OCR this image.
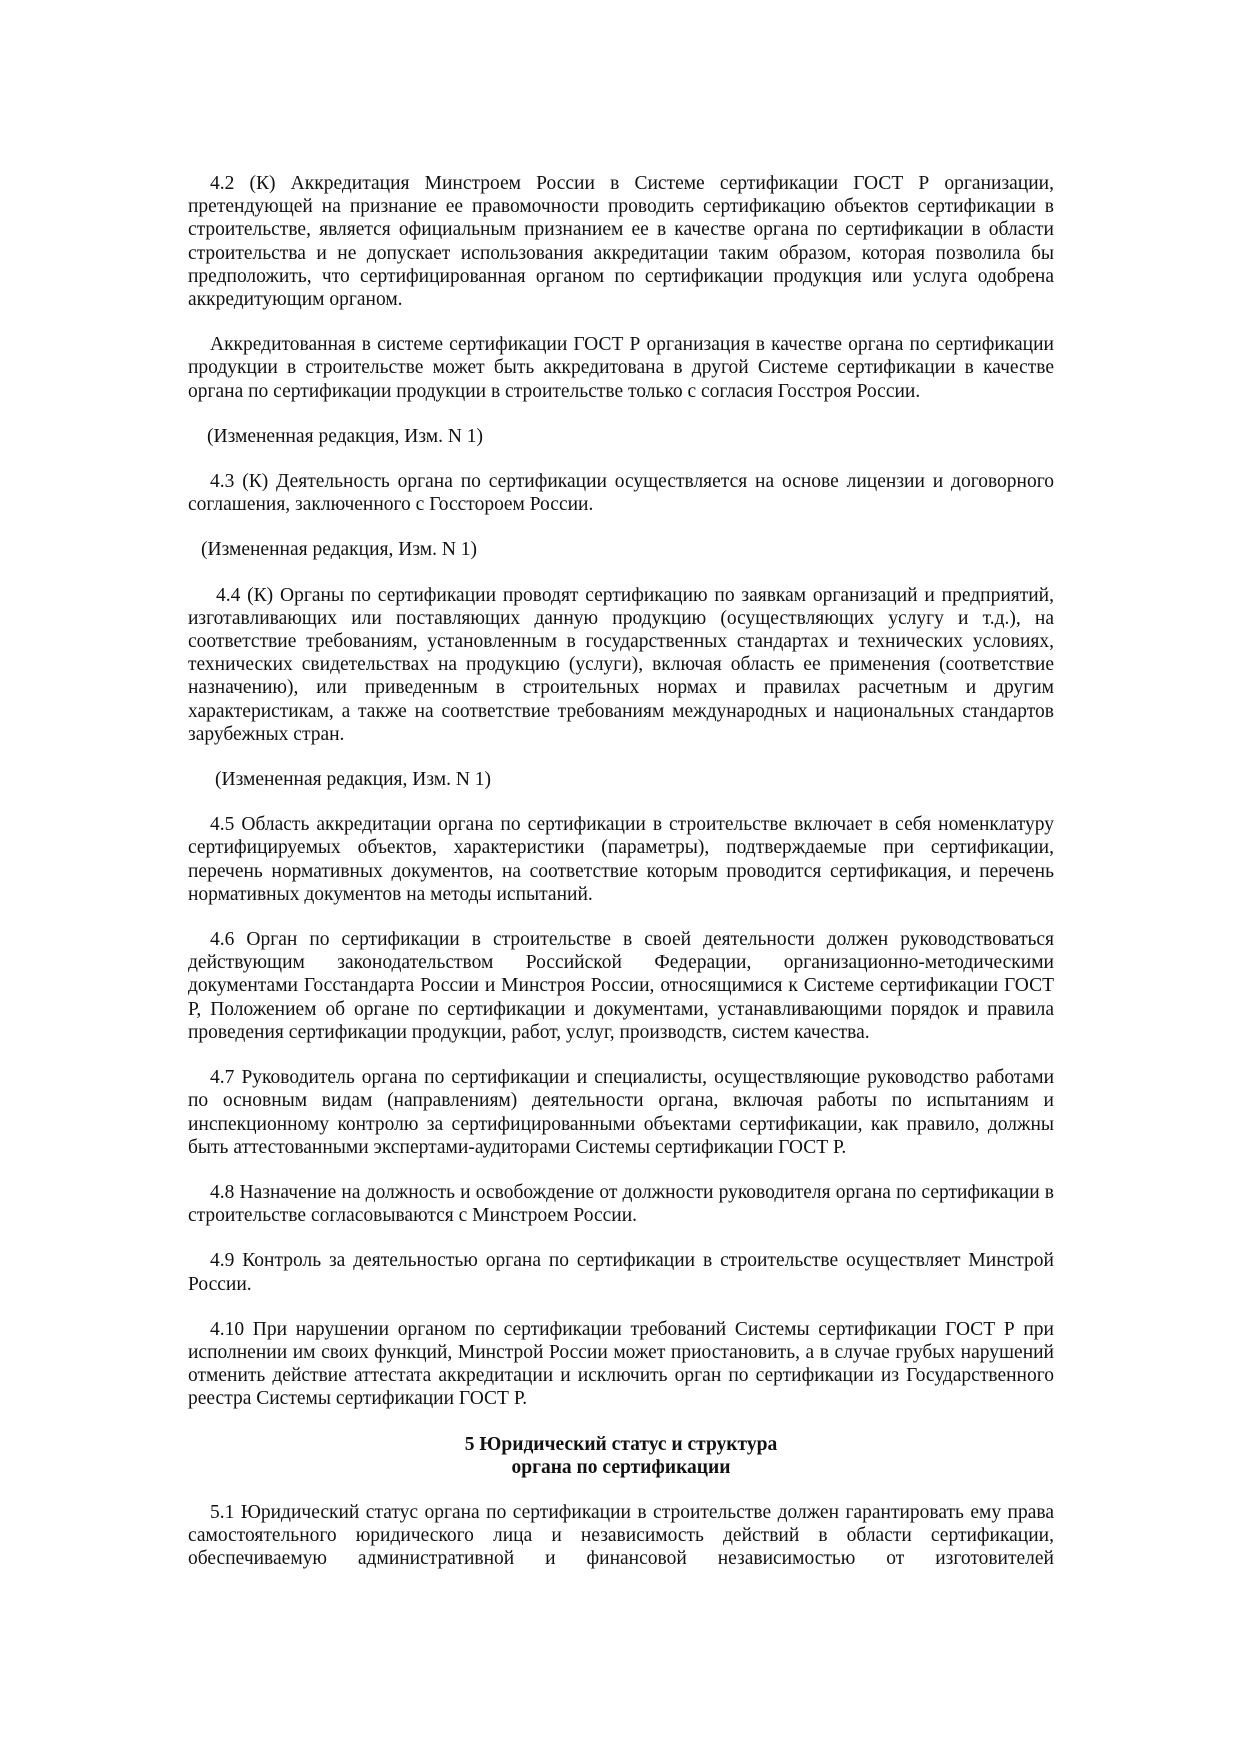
4.2 (К) Аккредитация Минстроем России в Системе сертификации ГОСТ Р организации, претендующей на признание ее правомочности проводить сертификацию объектов сертификации в строительстве, является официальным признанием ее в качестве органа по сертификации в области строительства и не допускает использования аккредитации таким образом, которая позволила бы предположить, что сертифицированная органом по сертификации продукция или услуга одобрена аккредитующим органом.

Аккредитованная в системе сертификации ГОСТ Р организация в качестве органа по сертификации продукции в строительстве может быть аккредитована в другой Системе сертификации в качестве органа по сертификации продукции в строительстве только с согласия Госстроя России.

(Измененная редакция, Изм. N 1)

4.3 (К) Деятельность органа по сертификации осуществляется на основе лицензии и договорного соглашения, заключенного с Госсторoем России.

(Измененная редакция, Изм. N 1)

4.4 (К) Органы по сертификации проводят сертификацию по заявкам организаций и предприятий, изготавливающих или поставляющих данную продукцию (осуществляющих услугу и т.д.), на соответствие требованиям, установленным в государственных стандартах и технических условиях, технических свидетельствах на продукцию (услуги), включая область ее применения (соответствие назначению), или приведенным в строительных нормах и правилах расчетным и другим характеристикам, а также на соответствие требованиям международных и национальных стандартов зарубежных стран.

(Измененная редакция, Изм. N 1)

4.5 Область аккредитации органа по сертификации в строительстве включает в себя номенклатуру сертифицируемых объектов, характеристики (параметры), подтверждаемые при сертификации, перечень нормативных документов, на соответствие которым проводится сертификация, и перечень нормативных документов на методы испытаний.

4.6 Орган по сертификации в строительстве в своей деятельности должен руководствоваться действующим законодательством Российской Федерации, организационно-методическими документами Госстандарта России и Минстроя России, относящимися к Системе сертификации ГОСТ Р, Положением об органе по сертификации и документами, устанавливающими порядок и правила проведения сертификации продукции, работ, услуг, производств, систем качества.

4.7 Руководитель органа по сертификации и специалисты, осуществляющие руководство работами по основным видам (направлениям) деятельности органа, включая работы по испытаниям и инспекционному контролю за сертифицированными объектами сертификации, как правило, должны быть аттестованными экспертами-аудиторами Системы сертификации ГОСТ Р.

4.8 Назначение на должность и освобождение от должности руководителя органа по сертификации в строительстве согласовываются с Минстроем России.

4.9 Контроль за деятельностью органа по сертификации в строительстве осуществляет Минстрой России.

4.10 При нарушении органом по сертификации требований Системы сертификации ГОСТ Р при исполнении им своих функций, Минстрой России может приостановить, а в случае грубых нарушений отменить действие аттестата аккредитации и исключить орган по сертификации из Государственного реестра Системы сертификации ГОСТ Р.

5 Юридический статус и структура
органа по сертификации

5.1 Юридический статус органа по сертификации в строительстве должен гарантировать ему права самостоятельного юридического лица и независимость действий в области сертификации, обеспечиваемую административной и финансовой независимостью от изготовителей
